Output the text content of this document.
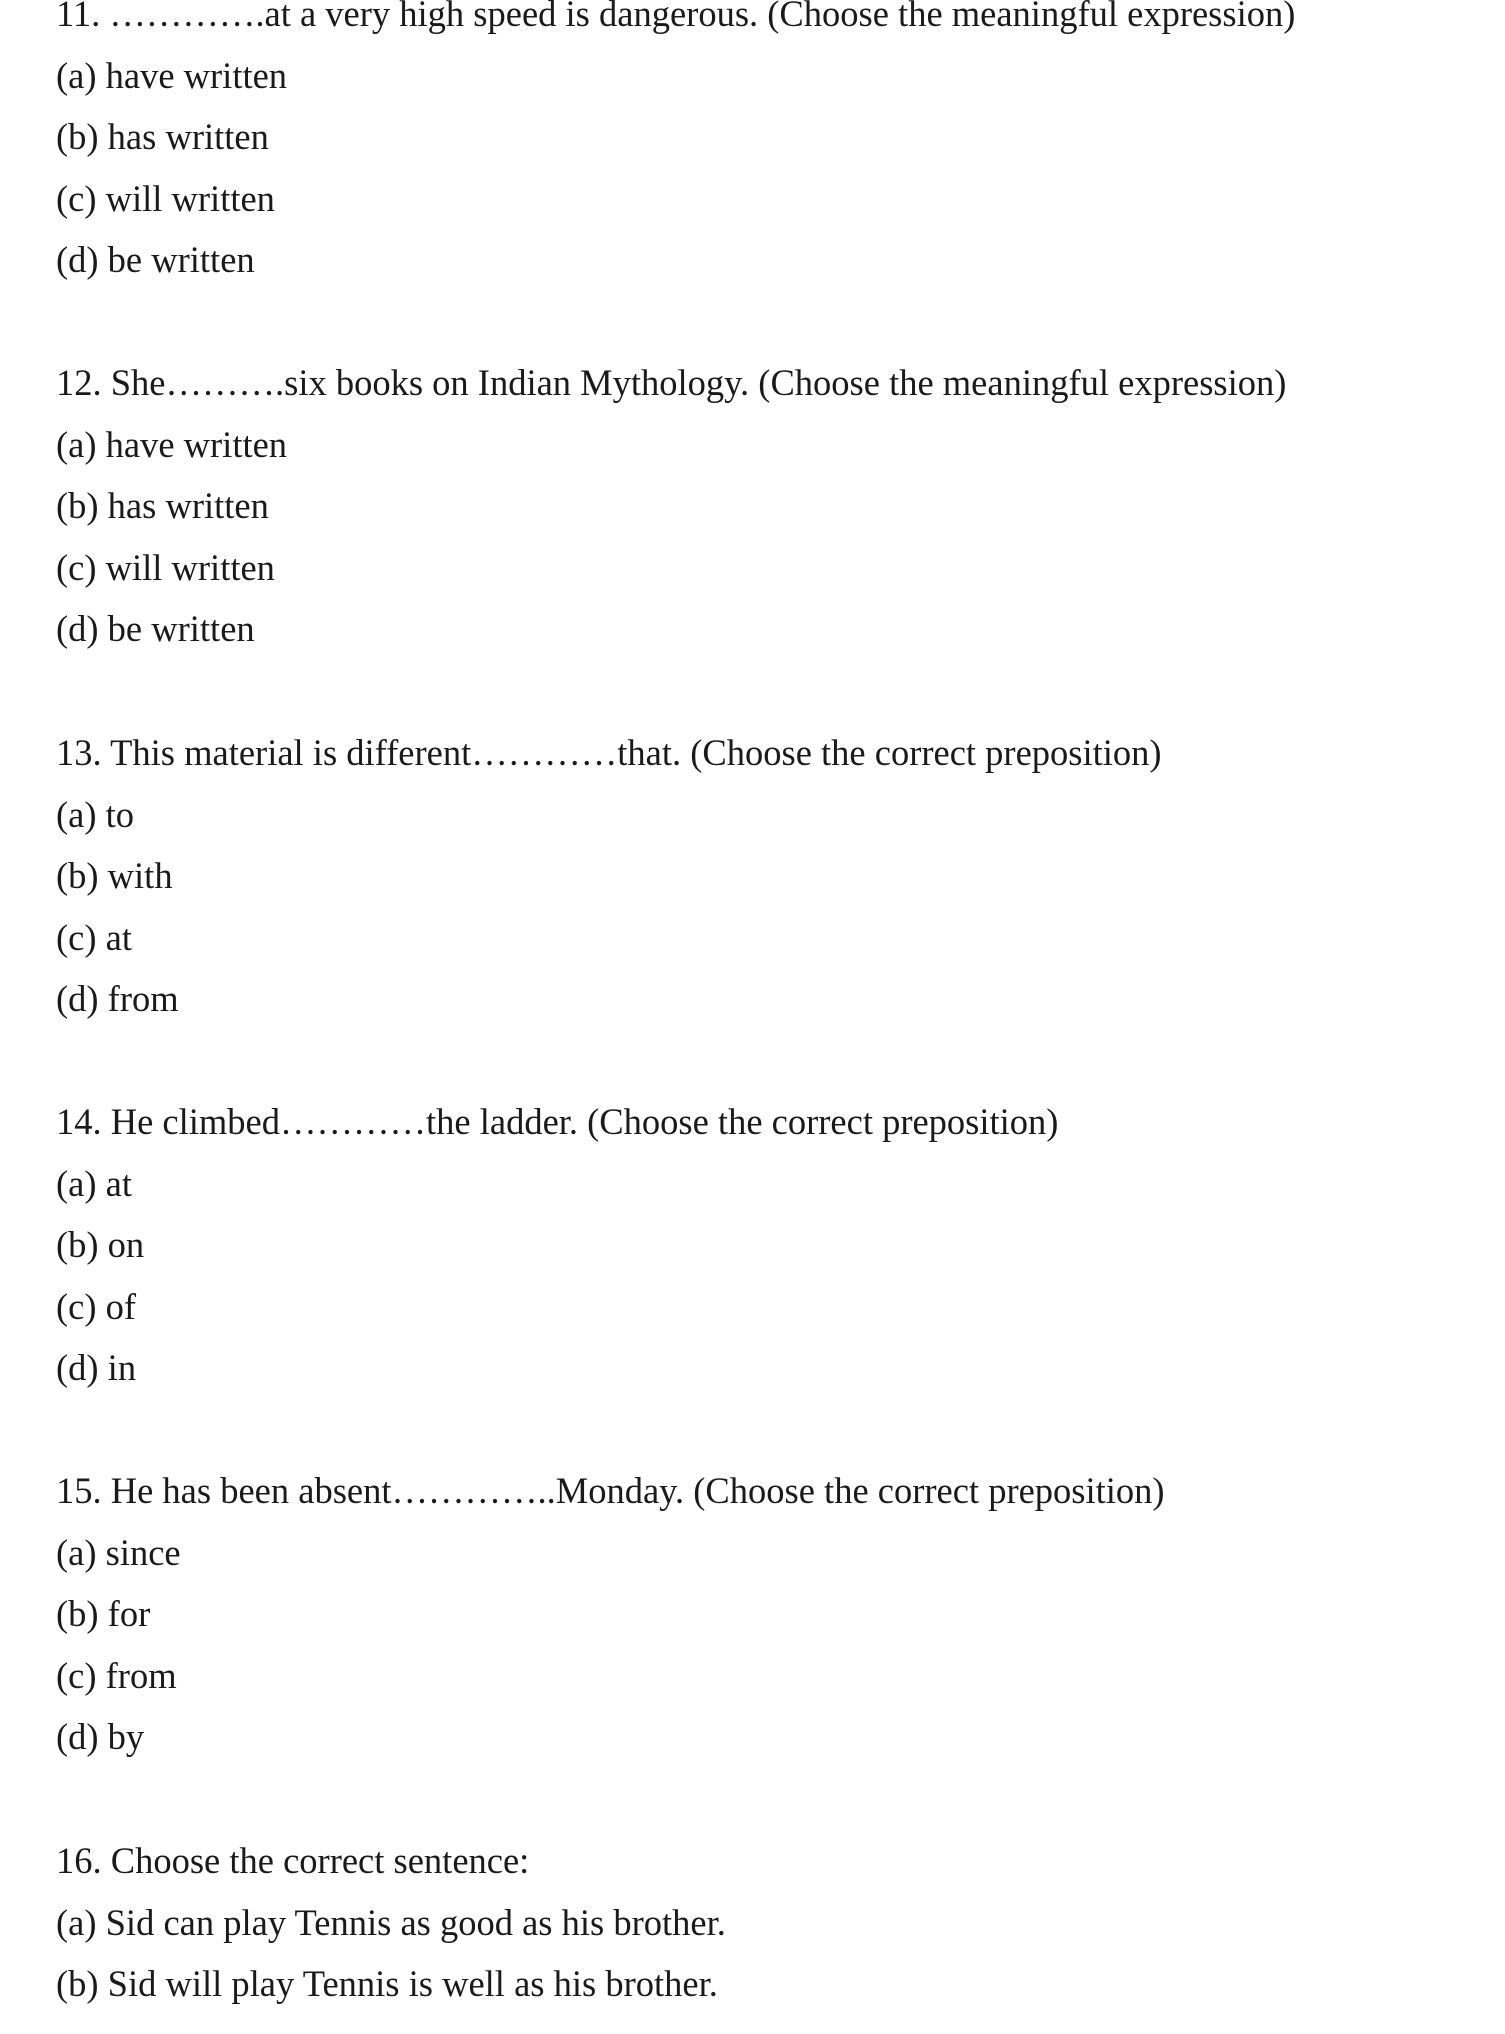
11. ………….at a very high speed is dangerous. (Choose the meaningful expression)

(a) have written
(b) has written
(c) will written
(d) be written

12. She……….six books on Indian Mythology. (Choose the meaningful expression)

(a) have written
(b) has written
(c) will written
(d) be written

13. This material is different…………that. (Choose the correct preposition)

(a) to
(b) with
(c) at
(d) from

14. He climbed…………the ladder. (Choose the correct preposition)

(a) at
(b) on
(c) of
(d) in

15. He has been absent…………..Monday. (Choose the correct preposition)

(a) since
(b) for
(c) from
(d) by

16. Choose the correct sentence:

(a) Sid can play Tennis as good as his brother.
(b) Sid will play Tennis is well as his brother.
